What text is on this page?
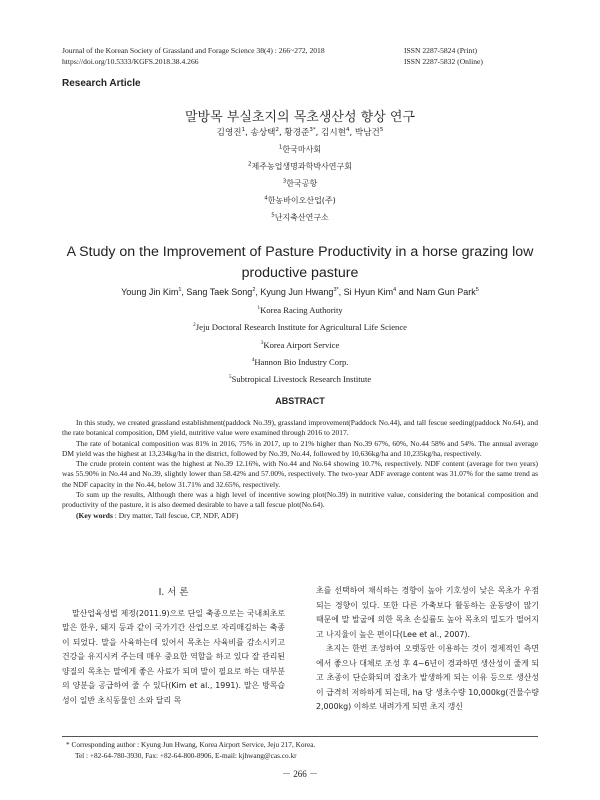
Journal of the Korean Society of Grassland and Forage Science 38(4) : 266~272, 2018
https://doi.org/10.5333/KGFS.2018.38.4.266
ISSN 2287-5824 (Print)
ISSN 2287-5832 (Online)
Research Article
말방목 부실초지의 목초생산성 향상 연구
김영진$^1$, 송상택$^2$, 황경준$^{3*}$, 김시현$^4$, 박남건$^5$
$^1$한국마사회
$^2$제주농업생명과학박사연구회
$^3$한국공항
$^4$한농바이오산업(주)
$^5$난지축산연구소
A Study on the Improvement of Pasture Productivity in a horse grazing low productive pasture
Young Jin Kim$^1$, Sang Taek Song$^2$, Kyung Jun Hwang$^{3*}$, Si Hyun Kim$^4$ and Nam Gun Park$^5$
$^1$Korea Racing Authority
$^2$Jeju Doctoral Research Institute for Agricultural Life Science
$^3$Korea Airport Service
$^4$Hannon Bio Industry Corp.
$^5$Subtropical Livestock Research Institute
ABSTRACT

In this study, we created grassland establishment(paddock No.39), grassland improvement(Paddock No.44), and tall fescue seeding(paddock No.64), and the rate botanical composition, DM yield, nutritive value were examined through 2016 to 2017.

The rate of botanical composition was 81% in 2016, 75% in 2017, up to 21% higher than No.39 67%, 60%, No.44 58% and 54%. The annual average DM yield was the highest at 13,234kg/ha in the district, followed by No.39, No.44, followed by 10,636kg/ha and 10,235kg/ha, respectively.

The crude protein content was the highest at No.39 12.16%, with No.44 and No.64 showing 10.7%, respectively. NDF content (average for two years) was 55.90% in No.44 and No.39, slightly lower than 58.42% and 57.00%, respectively. The two-year ADF average content was 31.07% for the same trend as the NDF capacity in the No.44, below 31.71% and 32.65%, respectively.

To sum up the results, Although there was a high level of incentive sowing plot(No.39) in nutritive value, considering the botanical composition and productivity of the pasture, it is also deemed desirable to have a tall fescue plot(No.64).

(Key words : Dry matter, Tall fescue, CP, NDF, ADF)

Ⅰ. 서 론

말산업육성법 제정(2011.9)으로 단일 축종으로는 국내최초로 말은 한우, 돼지 등과 같이 국가기간 산업으로 자리매김하는 축종이 되었다. 말을 사육하는데 있어서 목초는 사육비를 감소시키고 건강을 유지시켜 주는데 매우 중요한 역할을 하고 있다 잘 관리된 양질의 목초는 말에게 좋은 사료가 되며 말이 필요로 하는 대부분의 양분을 공급하여 줄 수 있다(Kim et al., 1991). 말은 방목습성이 일반 초식동물인 소와 달리 목

초를 선택하여 채식하는 경향이 높아 기호성이 낮은 목초가 우점되는 경향이 있다. 또한 다른 가축보다 활동하는 운동량이 많기 때문에 말 발굽에 의한 목초 손실률도 높아 목초의 밀도가 떨어지고 나지율이 높은 편이다(Lee et al., 2007).

초지는 한번 조성하여 오랫동안 이용하는 것이 경제적인 측면에서 좋으나 대체로 조성 후 4~6년이 경과하면 생산성이 줄게 되고 초종이 단순화되며 잡초가 발생하게 되는 이유 등으로 생산성이 급격히 저하하게 되는데, ha 당 생초수량 10,000kg(건물수량 2,000kg) 이하로 내려가게 되면 초지 갱신

* Corresponding author : Kyung Jun Hwang, Korea Airport Service, Jeju 217, Korea.
Tel : +82-64-780-3930, Fax: +82-64-800-8906, E-mail: kjhwang@cas.co.kr
－ 266 －
